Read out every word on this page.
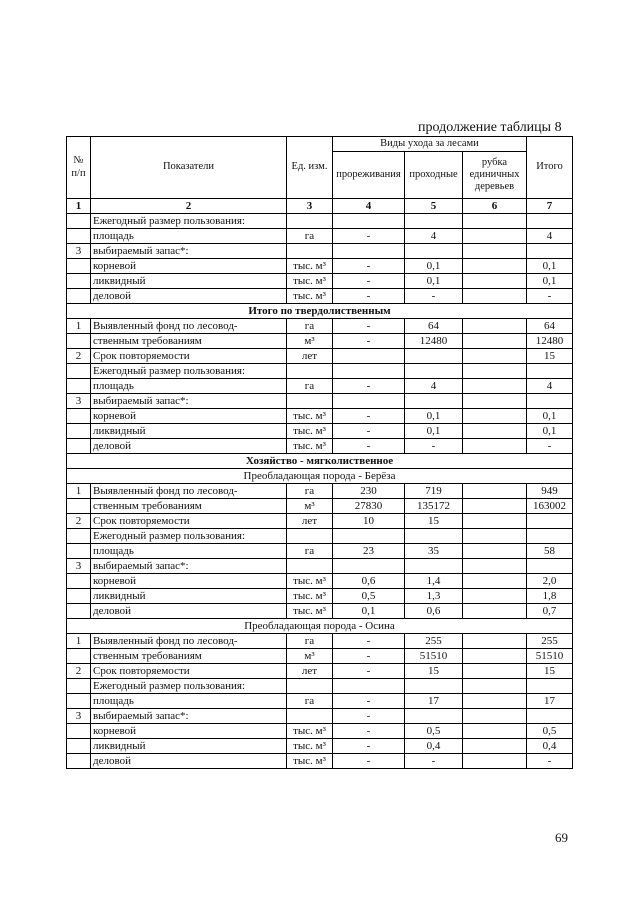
продолжение таблицы 8
№ п/п	Показатели	Ед. изм.	Виды ухода за лесами			Итого
			прореживания	проходные	рубка единичных деревьев	
1	2	3	4	5	6	7
	Ежегодный размер пользования:					
	площадь	га	-	4		4
3	выбираемый запас*:					
	корневой	тыс. м³	-	0,1		0,1
	ликвидный	тыс. м³	-	0,1		0,1
	деловой	тыс. м³	-	-		-
Итого по твердолиственным						
1	Выявленный фонд по лесовод-	га	-	64		64
	ственным требованиям	м³	-	12480		12480
2	Срок повторяемости	лет				15
	Ежегодный размер пользования:					
	площадь	га	-	4		4
3	выбираемый запас*:					
	корневой	тыс. м³	-	0,1		0,1
	ликвидный	тыс. м³	-	0,1		0,1
	деловой	тыс. м³	-	-		-
Хозяйство - мягколиственное						
Преобладающая порода - Берёза						
1	Выявленный фонд по лесовод-	га	230	719		949
	ственным требованиям	м³	27830	135172		163002
2	Срок повторяемости	лет	10	15		
	Ежегодный размер пользования:					
	площадь	га	23	35		58
3	выбираемый запас*:					
	корневой	тыс. м³	0,6	1,4		2,0
	ликвидный	тыс. м³	0,5	1,3		1,8
	деловой	тыс. м³	0,1	0,6		0,7
Преобладающая порода - Осина						
1	Выявленный фонд по лесовод-	га	-	255		255
	ственным требованиям	м³	-	51510		51510
2	Срок повторяемости	лет	-	15		15
	Ежегодный размер пользования:					
	площадь	га	-	17		17
3	выбираемый запас*:		-			
	корневой	тыс. м³	-	0,5		0,5
	ликвидный	тыс. м³	-	0,4		0,4
	деловой	тыс. м³	-	-		-
69
